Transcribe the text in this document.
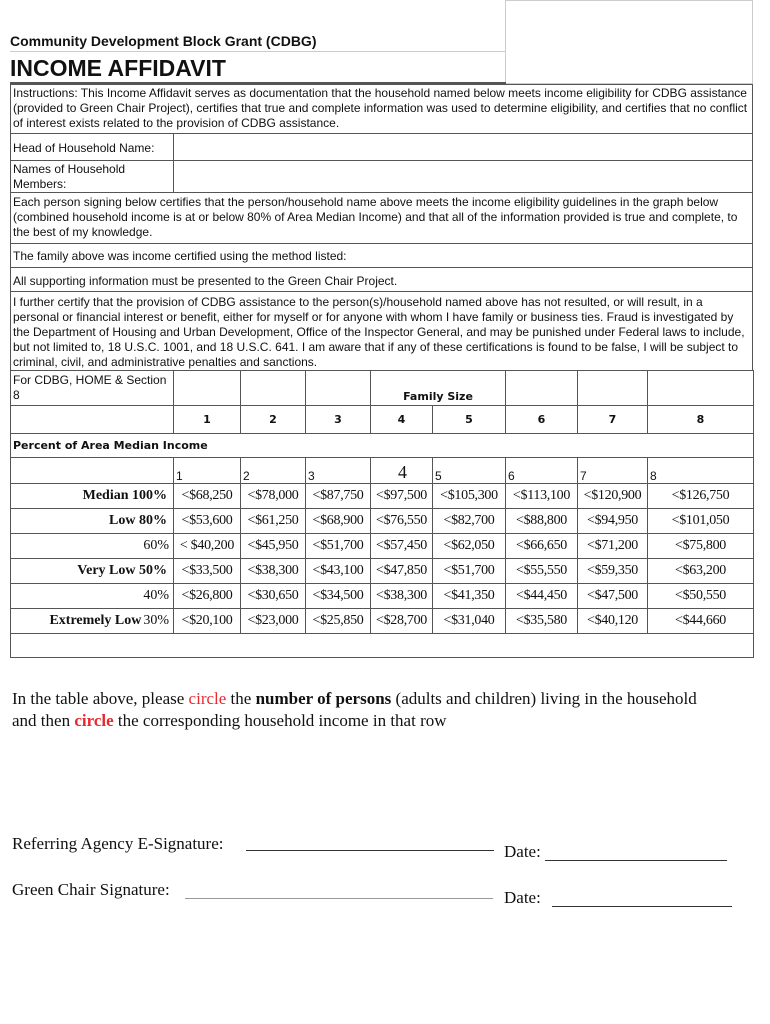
Community Development Block Grant (CDBG)
INCOME AFFIDAVIT
Instructions: This Income Affidavit serves as documentation that the household named below meets income eligibility for CDBG assistance (provided to Green Chair Project), certifies that true and complete information was used to determine eligibility, and certifies that no conflict of interest exists related to the provision of CDBG assistance.
Head of Household Name:
Names of Household Members:
Each person signing below certifies that the person/household name above meets the income eligibility guidelines in the graph below (combined household income is at or below 80% of Area Median Income) and that all of the information provided is true and complete, to the best of my knowledge.
The family above was income certified using the method listed:
All supporting information must be presented to the Green Chair Project.
I further certify that the provision of CDBG assistance to the person(s)/household named above has not resulted, or will result, in a personal or financial interest or benefit, either for myself or for anyone with whom I have family or business ties. Fraud is investigated by the Department of Housing and Urban Development, Office of the Inspector General, and may be punished under Federal laws to include, but not limited to, 18 U.S.C. 1001, and 18 U.S.C. 641. I am aware that if any of these certifications is found to be false, I will be subject to criminal, civil, and administrative penalties and sanctions.
For CDBG, HOME & Section 8	Family Size
1	2	3	4	5	6	7	8
Percent of Area Median Income
1	2	3	4	5	6	7	8
Median 100%	<$68,250	<$78,000	<$87,750 <$97,500 <$105,300	<$113,100 <$120,900	<$126,750
Low 80%	<$53,600	<$61,250	<$68,900 <$76,550	<$82,700	<$88,800	<$94,950	<$101,050
60% < $40,200 <$45,950	<$51,700 <$57,450	<$62,050	<$66,650	<$71,200	<$75,800
Very Low 50%	<$33,500	<$38,300	<$43,100 <$47,850	<$51,700	<$55,550	<$59,350	<$63,200
40% <$26,800	<$30,650	<$34,500 <$38,300	<$41,350	<$44,450	<$47,500	<$50,550
Extremely Low 30% <$20,100	<$23,000	<$25,850 <$28,700	<$31,040	<$35,580	<$40,120	<$44,660
In the table above, please circle the number of persons (adults and children) living in the household
and then circle the corresponding household income in that row
Referring Agency E-Signature:	Date:
Green Chair Signature:	Date:
